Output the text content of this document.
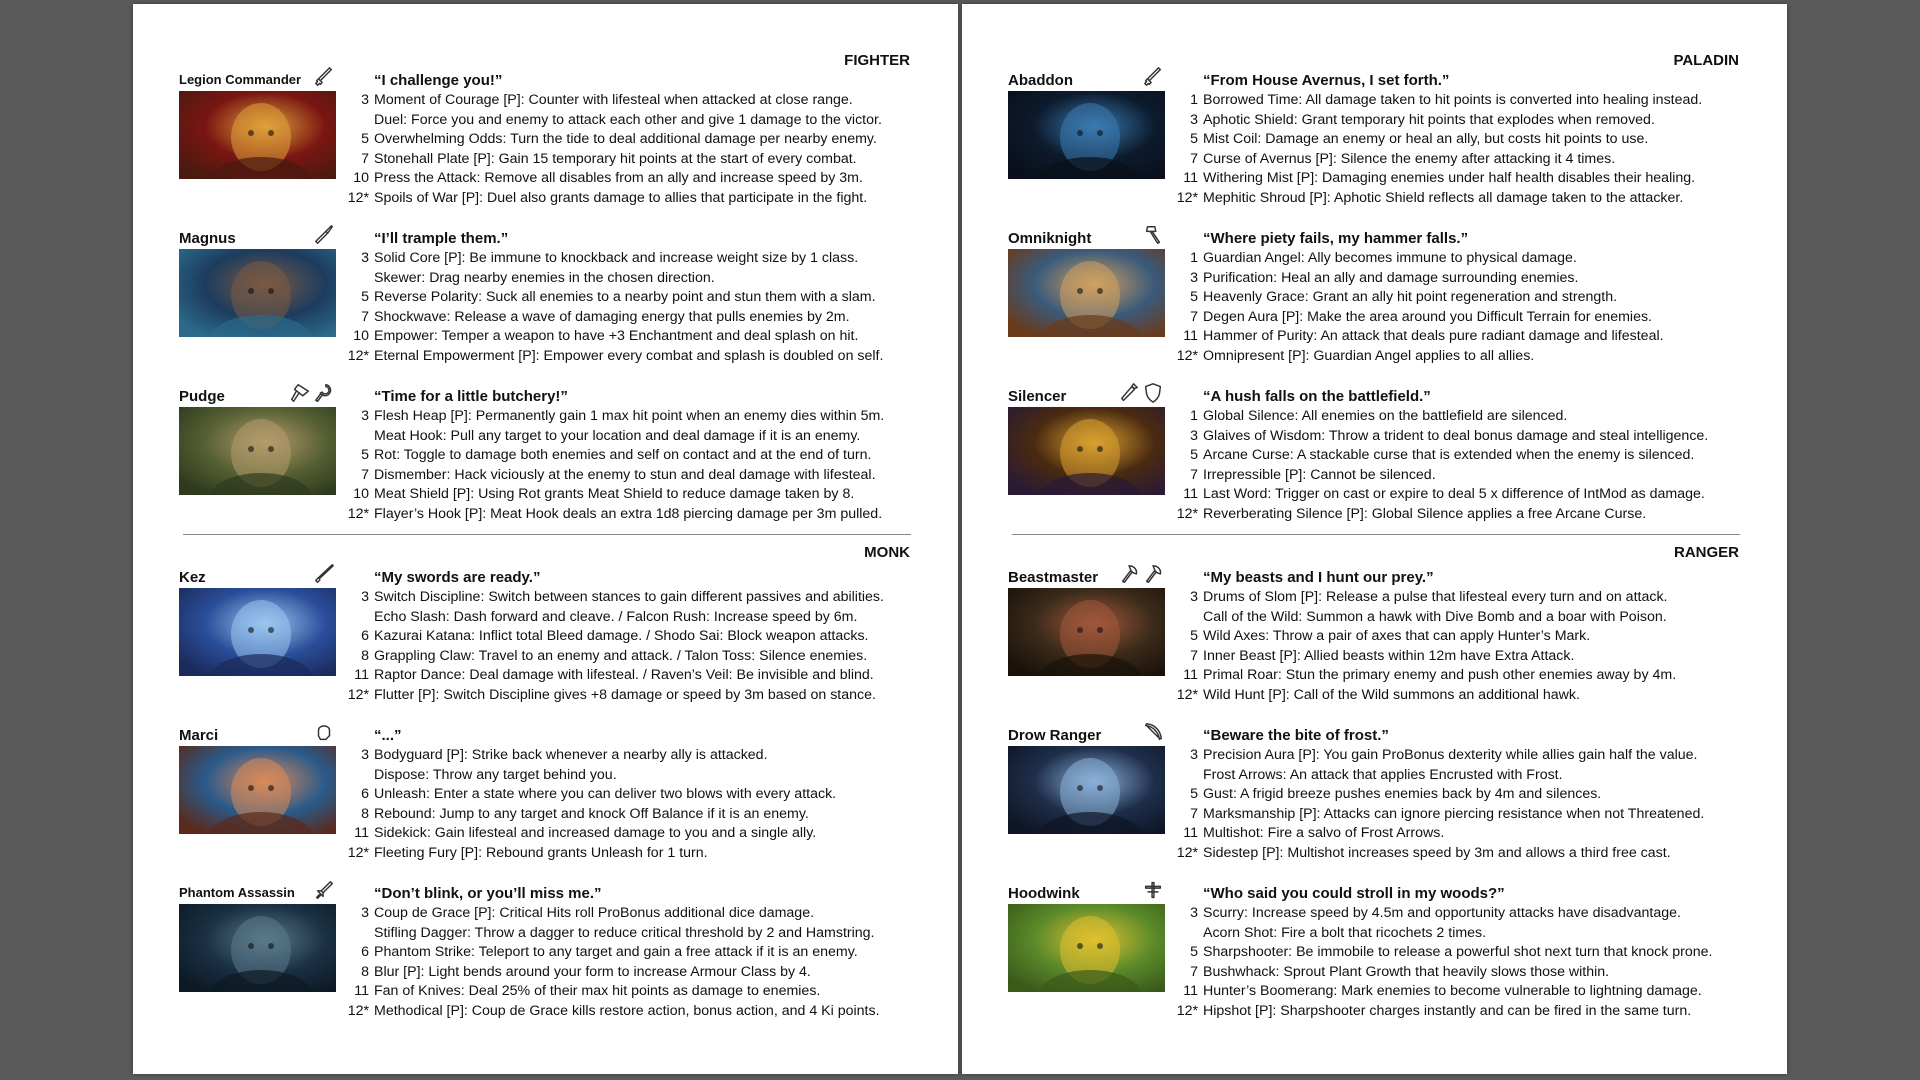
FIGHTER
MONK
Legion Commander	“I challenge you!”
3 Moment of Courage [P]: Counter with lifesteal when attacked at close range.
Duel: Force you and enemy to attack each other and give 1 damage to the victor.
5 Overwhelming Odds: Turn the tide to deal additional damage per nearby enemy.
7 Stonehall Plate [P]: Gain 15 temporary hit points at the start of every combat.
10 Press the Attack: Remove all disables from an ally and increase speed by 3m.
12* Spoils of War [P]: Duel also grants damage to allies that participate in the fight.
Magnus	“I’ll trample them.”
3 Solid Core [P]: Be immune to knockback and increase weight size by 1 class.
Skewer: Drag nearby enemies in the chosen direction.
5 Reverse Polarity: Suck all enemies to a nearby point and stun them with a slam.
7 Shockwave: Release a wave of damaging energy that pulls enemies by 2m.
10 Empower: Temper a weapon to have +3 Enchantment and deal splash on hit.
12* Eternal Empowerment [P]: Empower every combat and splash is doubled on self.
Pudge	“Time for a little butchery!”
3 Flesh Heap [P]: Permanently gain 1 max hit point when an enemy dies within 5m.
Meat Hook: Pull any target to your location and deal damage if it is an enemy.
5 Rot: Toggle to damage both enemies and self on contact and at the end of turn.
7 Dismember: Hack viciously at the enemy to stun and deal damage with lifesteal.
10 Meat Shield [P]: Using Rot grants Meat Shield to reduce damage taken by 8.
12* Flayer’s Hook [P]: Meat Hook deals an extra 1d8 piercing damage per 3m pulled.
Kez	“My swords are ready.”
3 Switch Discipline: Switch between stances to gain different passives and abilities.
Echo Slash: Dash forward and cleave. / Falcon Rush: Increase speed by 6m.
6 Kazurai Katana: Inflict total Bleed damage. / Shodo Sai: Block weapon attacks.
8 Grappling Claw: Travel to an enemy and attack. / Talon Toss: Silence enemies.
11 Raptor Dance: Deal damage with lifesteal. / Raven’s Veil: Be invisible and blind.
12* Flutter [P]: Switch Discipline gives +8 damage or speed by 3m based on stance.
Marci	“...”
3 Bodyguard [P]: Strike back whenever a nearby ally is attacked.
Dispose: Throw any target behind you.
6 Unleash: Enter a state where you can deliver two blows with every attack.
8 Rebound: Jump to any target and knock Off Balance if it is an enemy.
11 Sidekick: Gain lifesteal and increased damage to you and a single ally.
12* Fleeting Fury [P]: Rebound grants Unleash for 1 turn.
Phantom Assassin	“Don’t blink, or you’ll miss me.”
3 Coup de Grace [P]: Critical Hits roll ProBonus additional dice damage.
Stifling Dagger: Throw a dagger to reduce critical threshold by 2 and Hamstring.
6 Phantom Strike: Teleport to any target and gain a free attack if it is an enemy.
8 Blur [P]: Light bends around your form to increase Armour Class by 4.
11 Fan of Knives: Deal 25% of their max hit points as damage to enemies.
12* Methodical [P]: Coup de Grace kills restore action, bonus action, and 4 Ki points.
PALADIN
RANGER
Abaddon	“From House Avernus, I set forth.”
1 Borrowed Time: All damage taken to hit points is converted into healing instead.
3 Aphotic Shield: Grant temporary hit points that explodes when removed.
5 Mist Coil: Damage an enemy or heal an ally, but costs hit points to use.
7 Curse of Avernus [P]: Silence the enemy after attacking it 4 times.
11 Withering Mist [P]: Damaging enemies under half health disables their healing.
12* Mephitic Shroud [P]: Aphotic Shield reflects all damage taken to the attacker.
Omniknight	“Where piety fails, my hammer falls.”
1 Guardian Angel: Ally becomes immune to physical damage.
3 Purification: Heal an ally and damage surrounding enemies.
5 Heavenly Grace: Grant an ally hit point regeneration and strength.
7 Degen Aura [P]: Make the area around you Difficult Terrain for enemies.
11 Hammer of Purity: An attack that deals pure radiant damage and lifesteal.
12* Omnipresent [P]: Guardian Angel applies to all allies.
Silencer	“A hush falls on the battlefield.”
1 Global Silence: All enemies on the battlefield are silenced.
3 Glaives of Wisdom: Throw a trident to deal bonus damage and steal intelligence.
5 Arcane Curse: A stackable curse that is extended when the enemy is silenced.
7 Irrepressible [P]: Cannot be silenced.
11 Last Word: Trigger on cast or expire to deal 5 x difference of IntMod as damage.
12* Reverberating Silence [P]: Global Silence applies a free Arcane Curse.
Beastmaster	“My beasts and I hunt our prey.”
3 Drums of Slom [P]: Release a pulse that lifesteal every turn and on attack.
Call of the Wild: Summon a hawk with Dive Bomb and a boar with Poison.
5 Wild Axes: Throw a pair of axes that can apply Hunter’s Mark.
7 Inner Beast [P]: Allied beasts within 12m have Extra Attack.
11 Primal Roar: Stun the primary enemy and push other enemies away by 4m.
12* Wild Hunt [P]: Call of the Wild summons an additional hawk.
Drow Ranger	“Beware the bite of frost.”
3 Precision Aura [P]: You gain ProBonus dexterity while allies gain half the value.
Frost Arrows: An attack that applies Encrusted with Frost.
5 Gust: A frigid breeze pushes enemies back by 4m and silences.
7 Marksmanship [P]: Attacks can ignore piercing resistance when not Threatened.
11 Multishot: Fire a salvo of Frost Arrows.
12* Sidestep [P]: Multishot increases speed by 3m and allows a third free cast.
Hoodwink	“Who said you could stroll in my woods?”
3 Scurry: Increase speed by 4.5m and opportunity attacks have disadvantage.
Acorn Shot: Fire a bolt that ricochets 2 times.
5 Sharpshooter: Be immobile to release a powerful shot next turn that knock prone.
7 Bushwhack: Sprout Plant Growth that heavily slows those within.
11 Hunter’s Boomerang: Mark enemies to become vulnerable to lightning damage.
12* Hipshot [P]: Sharpshooter charges instantly and can be fired in the same turn.
